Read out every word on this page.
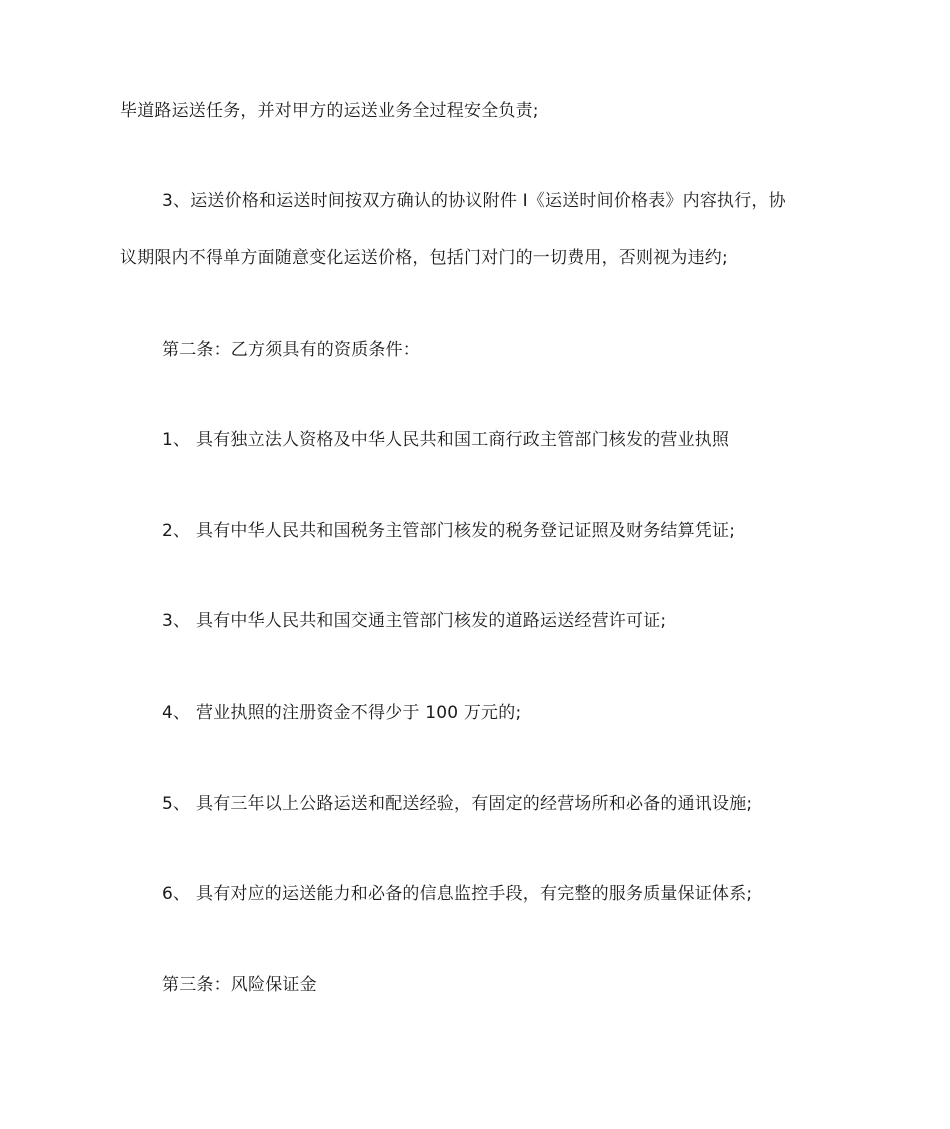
毕道路运送任务，并对甲方的运送业务全过程安全负责;
3、运送价格和运送时间按双方确认的协议附件 I《运送时间价格表》内容执行，协
议期限内不得单方面随意变化运送价格，包括门对门的一切费用，否则视为违约;
第二条：乙方须具有的资质条件：
1、 具有独立法人资格及中华人民共和国工商行政主管部门核发的营业执照
2、 具有中华人民共和国税务主管部门核发的税务登记证照及财务结算凭证;
3、 具有中华人民共和国交通主管部门核发的道路运送经营许可证;
4、 营业执照的注册资金不得少于 100 万元的;
5、 具有三年以上公路运送和配送经验，有固定的经营场所和必备的通讯设施;
6、 具有对应的运送能力和必备的信息监控手段，有完整的服务质量保证体系;
第三条：风险保证金
